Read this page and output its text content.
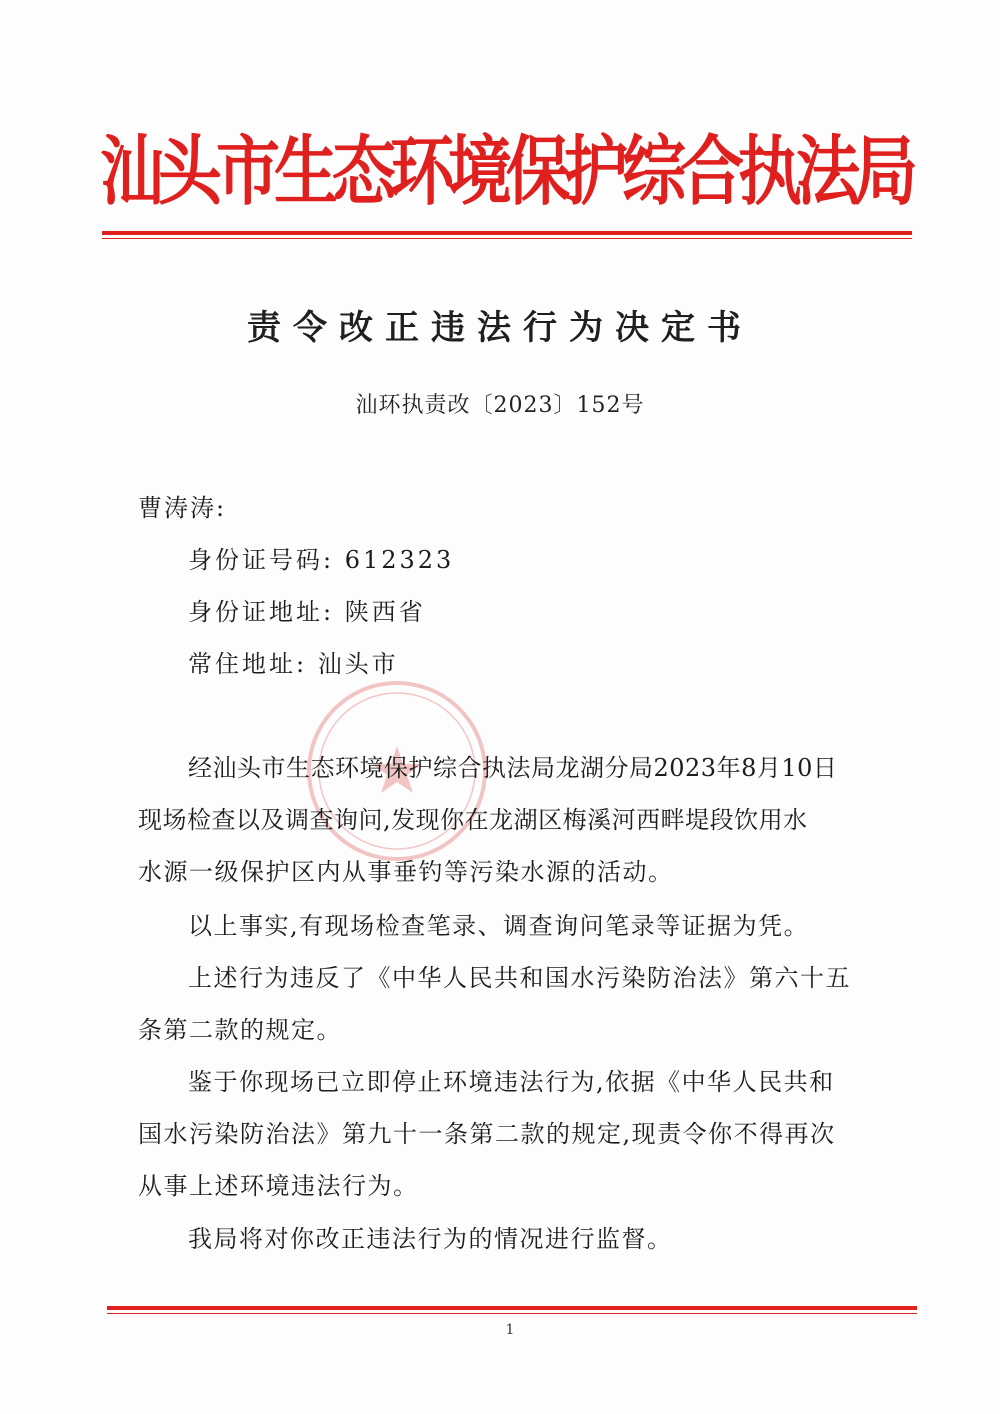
汕头市生态环境保护综合执法局
责令改正违法行为决定书
汕环执责改〔2023〕152号
曹涛涛:
身份证号码: 612323
身份证地址: 陕西省
常住地址: 汕头市
经汕头市生态环境保护综合执法局龙湖分局2023年8月10日
现场检查以及调查询问,发现你在龙湖区梅溪河西畔堤段饮用水
水源一级保护区内从事垂钓等污染水源的活动。
以上事实,有现场检查笔录、调查询问笔录等证据为凭。
上述行为违反了《中华人民共和国水污染防治法》第六十五
条第二款的规定。
鉴于你现场已立即停止环境违法行为,依据《中华人民共和
国水污染防治法》第九十一条第二款的规定,现责令你不得再次
从事上述环境违法行为。
我局将对你改正违法行为的情况进行监督。
1
